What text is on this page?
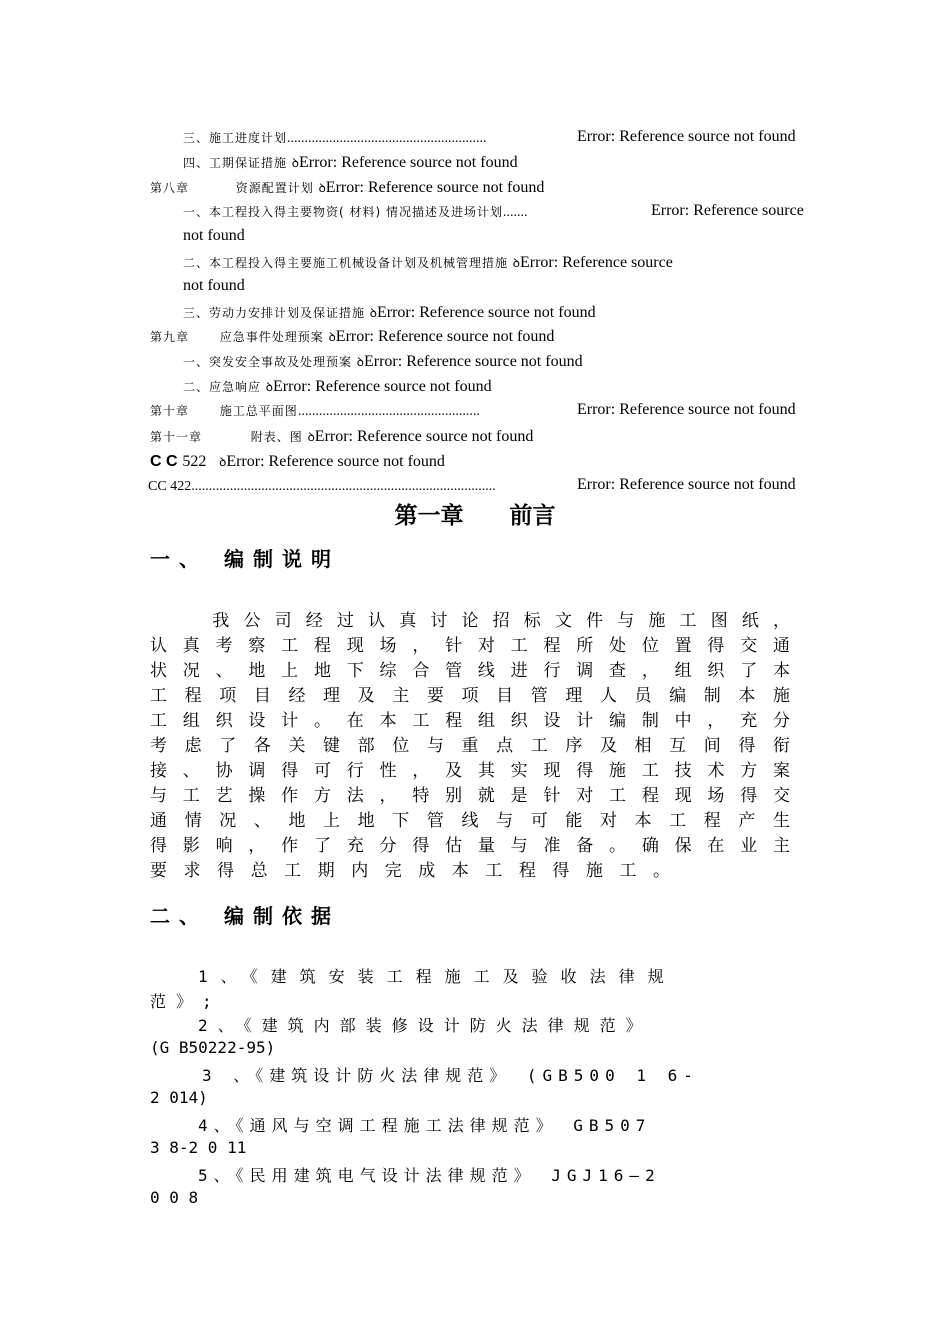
三、施工进度计划.........................................................	Error: Reference source not found
四、工期保证措施 ꝺError: Reference source not found
第八章	资源配置计划 ꝺError: Reference source not found
一、本工程投入得主要物资( 材料) 情况描述及进场计划.......	Error: Reference source
not found
二、本工程投入得主要施工机械设备计划及机械管理措施 ꝺError: Reference source
not found
三、劳动力安排计划及保证措施 ꝺError: Reference source not found
第九章	应急事件处理预案 ꝺError: Reference source not found
一、突发安全事故及处理预案 ꝺError: Reference source not found
二、应急响应 ꝺError: Reference source not found
第十章	施工总平面图....................................................	Error: Reference source not found
第十一章	附表、图 ꝺError: Reference source not found
C C 522 ꝺError: Reference source not found
CC 422.......................................................................................	Error: Reference source not found
第一章　　前言
一、 编制说明
　　我公司经过认真讨论招标文件与施工图纸，
认真考察工程现场，针对工程所处位置得交通
状况、地上地下综合管线进行调查，组织了本
工程项目经理及主要项目管理人员编制本施
工组织设计。在本工程组织设计编制中，充分
考虑了各关键部位与重点工序及相互间得衔
接、协调得可行性，及其实现得施工技术方案
与工艺操作方法，特别就是针对工程现场得交
通情况、地上地下管线与可能对本工程产生
得影响，作了充分得估量与准备。确保在业主
要求得总工期内完成本工程得施工。
二、 编制依据
1、《建筑安装工程施工及验收法律规
范》;
2、《建筑内部装修设计防火法律规范》
(G B50222-95)
3 、《建筑设计防火法律规范》 (GB500 1 6-
2 014)
4、《通风与空调工程施工法律规范》 GB507
3 8-2 0 11
5、《民用建筑电气设计法律规范》 JGJ16—2
0 0 8
